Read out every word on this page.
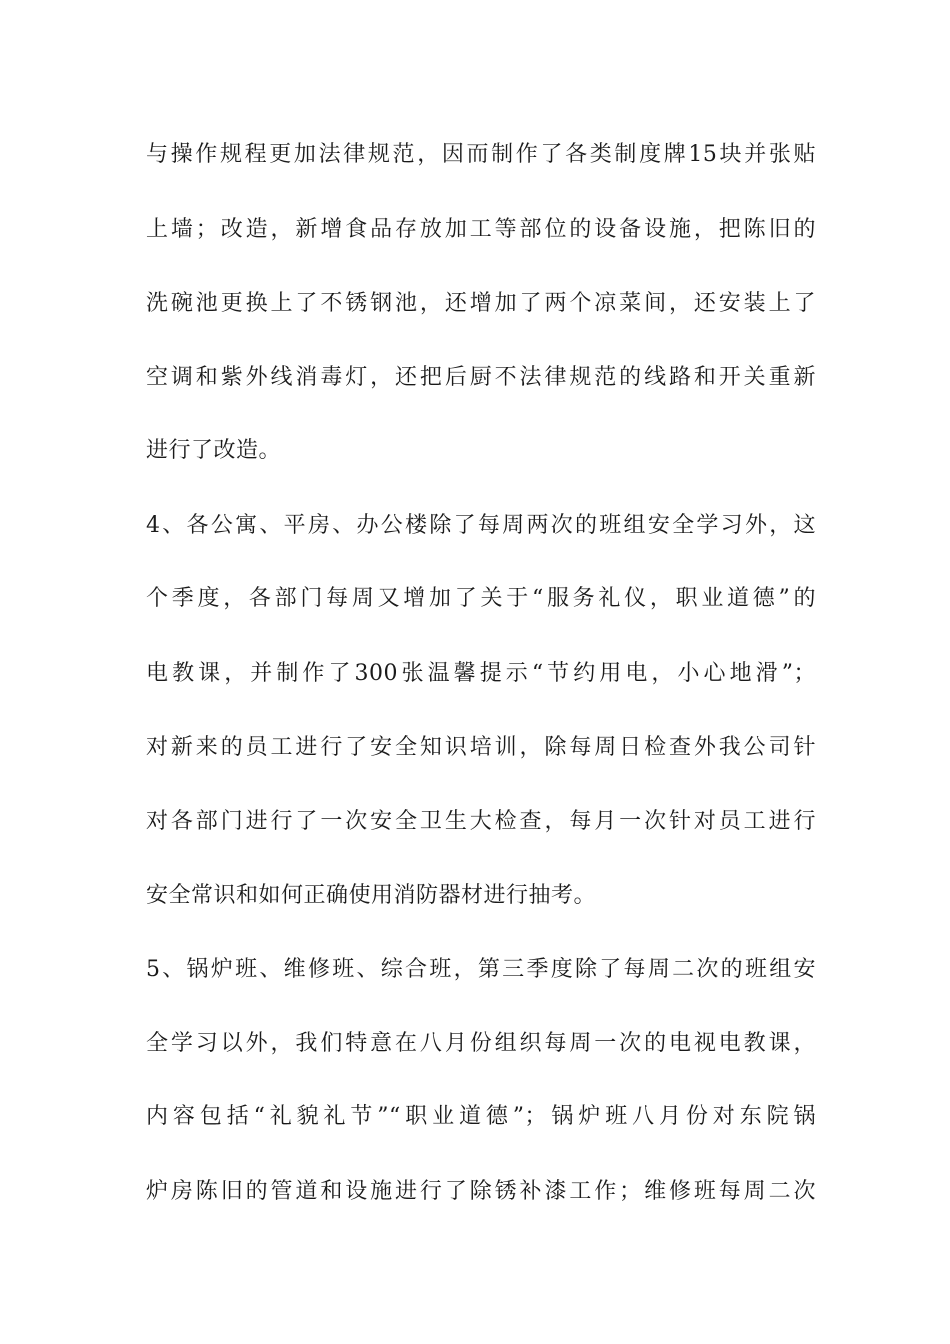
与操作规程更加法律规范，因而制作了各类制度牌15块并张贴
上墙；改造，新增食品存放加工等部位的设备设施，把陈旧的
洗碗池更换上了不锈钢池，还增加了两个凉菜间，还安装上了
空调和紫外线消毒灯，还把后厨不法律规范的线路和开关重新
进行了改造。
4、各公寓、平房、办公楼除了每周两次的班组安全学习外，这
个季度，各部门每周又增加了关于“服务礼仪，职业道德”的
电教课，并制作了300张温馨提示“节约用电，小心地滑”；
对新来的员工进行了安全知识培训，除每周日检查外我公司针
对各部门进行了一次安全卫生大检查，每月一次针对员工进行
安全常识和如何正确使用消防器材进行抽考。
5、锅炉班、维修班、综合班，第三季度除了每周二次的班组安
全学习以外，我们特意在八月份组织每周一次的电视电教课，
内容包括“礼貌礼节”“职业道德”；锅炉班八月份对东院锅
炉房陈旧的管道和设施进行了除锈补漆工作；维修班每周二次
